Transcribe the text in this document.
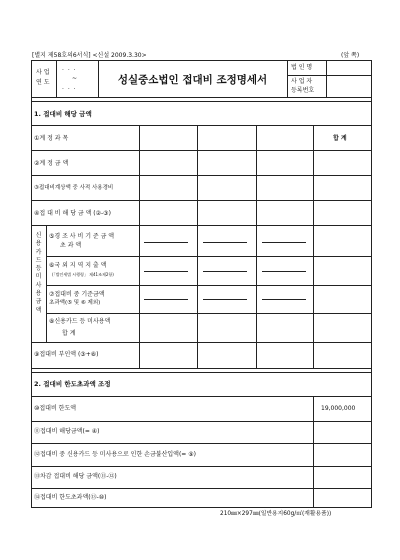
[별지 제58호의6서식] <신설 2009.3.30>	(앞 쪽)
사 업
연 도
· · ·
~
· · ·
성실중소법인 접대비 조정명세서
법 인 명
사 업 자
등록번호
1. 접대비 해당 금액
①계 정 과 목
②계 정 금 액
③접대비계상액 중 사적 사용경비
④접 대 비 해 당 금 액 (②-③)
합 계
신 용 카 드 등 미 사 용 금 액
⑤경 조 사 비 기 준 금 액
초 과 액
⑥국 외 지 역 지 출 액
(「법인세법 시행령」 제41조제2항)
⑦접대비 중 기준금액
초과액(⑤ 및 ⑥ 제외)
⑧신용카드 등 미사용액
합 계
⑨접대비 부인액 (③+⑧)
2. 접대비 한도초과액 조정
⑩접대비 한도액	19,000,000
⑪접대비 해당금액(= ④)
⑫접대비 중 신용카드 등 미사용으로 인한 손금불산입액(= ⑨)
⑬차감 접대비 해당 금액(⑪-⑫)
⑭접대비 한도초과액(⑬-⑩)
210㎜×297㎜(일반용지60g/㎡(재활용품))
